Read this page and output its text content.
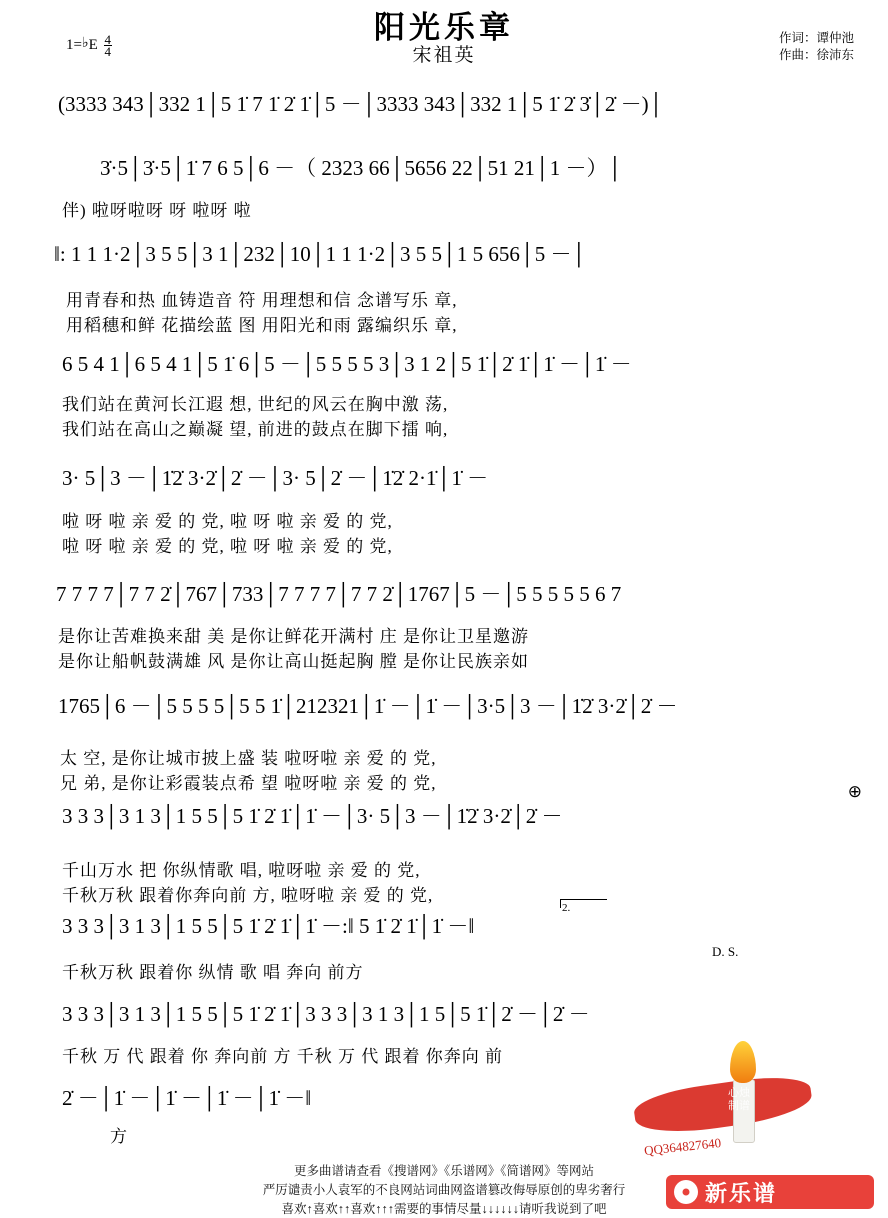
阳光乐章
宋祖英
作词：谭仲池
作曲：徐沛东
1=♭E $\frac{4}{4}$
(3333 343│332 1│5 1̇ 7 1̇ 2̇ 1̇│5 －│3333 343│332 1│5 1̇ 2̇ 3̇│2̇ －)│
3̇·5│3̇·5│1̇ 7 6 5│6 －（ 2323 66│5656 22│51 21│1 －）│
伴) 啦呀啦呀 呀 啦呀 啦
‖: 1 1 1·2│3 5 5│3 1│232│10│1 1 1·2│3 5 5│1 5 656│5 －│
用青春和热 血铸造音 符 用理想和信 念谱写乐 章,
用稻穗和鲜 花描绘蓝 图 用阳光和雨 露编织乐 章,
6 5 4 1│6 5 4 1│5 1̇ 6│5 －│5 5 5 5 3│3 1 2│5 1̇│2̇ 1̇│1̇ －│1̇ －
我们站在黄河长江遐 想, 世纪的风云在胸中激 荡,
我们站在高山之巅凝 望, 前进的鼓点在脚下擂 响,
3· 5│3 －│1̇2̇ 3·2̇│2̇ －│3· 5│2̇ －│1̇2̇ 2·1̇│1̇ －
啦 呀 啦 亲 爱 的 党, 啦 呀 啦 亲 爱 的 党,
啦 呀 啦 亲 爱 的 党, 啦 呀 啦 亲 爱 的 党,
7 7 7 7│7 7 2̇│767│733│7 7 7 7│7 7 2̇│1767│5 －│5 5 5 5 5 6 7
是你让苦难换来甜 美 是你让鲜花开满村 庄 是你让卫星邀游
是你让船帆鼓满雄 风 是你让高山挺起胸 膛 是你让民族亲如
1765│6 －│5 5 5 5│5 5 1̇│212321│1̇ －│1̇ －│3·5│3 －│1̇2̇ 3·2̇│2̇ －
太 空, 是你让城市披上盛 装 啦呀啦 亲 爱 的 党,
兄 弟, 是你让彩霞装点希 望 啦呀啦 亲 爱 的 党,
3 3 3│3 1 3│1 5 5│5 1̇ 2̇ 1̇│1̇ －│3· 5│3 －│1̇2̇ 3·2̇│2̇ －
千山万水 把 你纵情歌 唱, 啦呀啦 亲 爱 的 党,
千秋万秋 跟着你奔向前 方, 啦呀啦 亲 爱 的 党,
⊕
3 3 3│3 1 3│1 5 5│5 1̇ 2̇ 1̇│1̇ －:‖ 5 1̇ 2̇ 1̇│1̇ －‖
千秋万秋 跟着你 纵情 歌 唱 奔向 前方
2.
D. S.
3 3 3│3 1 3│1 5 5│5 1̇ 2̇ 1̇│3 3 3│3 1 3│1 5│5 1̇│2̇ －│2̇ －
千秋 万 代 跟着 你 奔向前 方 千秋 万 代 跟着 你奔向 前
2̇ －│1̇ －│1̇ －│1̇ －│1̇ －‖
方
心烛
制谱
QQ364827640
更多曲谱请查看《搜谱网》《乐谱网》《简谱网》等网站
严厉谴责小人袁军的不良网站词曲网盗谱篡改侮辱原创的卑劣奢行
喜欢↑喜欢↑↑喜欢↑↑↑需要的事情尽量↓↓↓↓↓↓请听我说到了吧
新乐谱
